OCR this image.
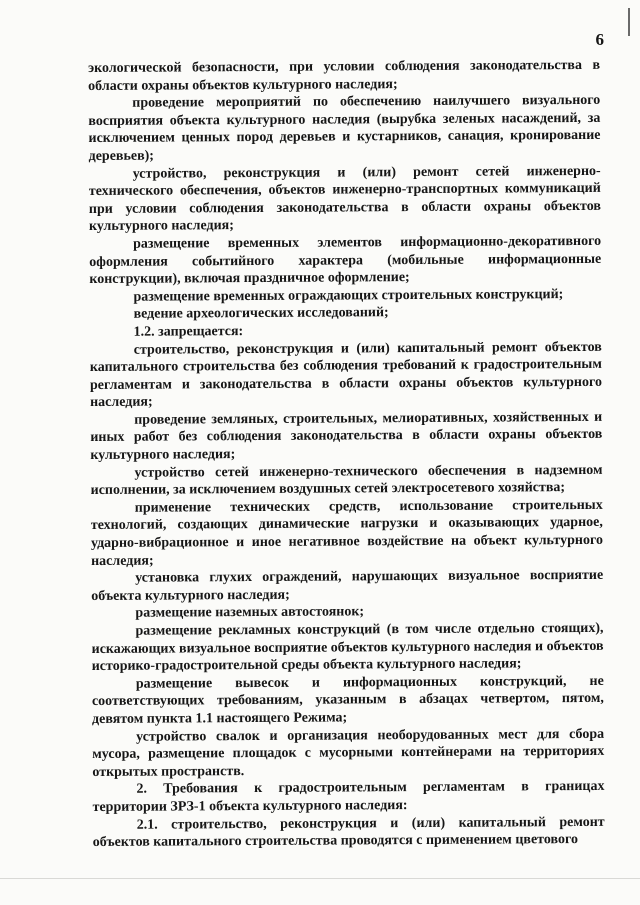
6

экологической безопасности, при условии соблюдения законодательства в области охраны объектов культурного наследия;

проведение мероприятий по обеспечению наилучшего визуального восприятия объекта культурного наследия (вырубка зеленых насаждений, за исключением ценных пород деревьев и кустарников, санация, кронирование деревьев);

устройство, реконструкция и (или) ремонт сетей инженерно-технического обеспечения, объектов инженерно-транспортных коммуникаций при условии соблюдения законодательства в области охраны объектов культурного наследия;

размещение временных элементов информационно-декоративного оформления событийного характера (мобильные информационные конструкции), включая праздничное оформление;

размещение временных ограждающих строительных конструкций;

ведение археологических исследований;

1.2. запрещается:

строительство, реконструкция и (или) капитальный ремонт объектов капитального строительства без соблюдения требований к градостроительным регламентам и законодательства в области охраны объектов культурного наследия;

проведение земляных, строительных, мелиоративных, хозяйственных и иных работ без соблюдения законодательства в области охраны объектов культурного наследия;

устройство сетей инженерно-технического обеспечения в надземном исполнении, за исключением воздушных сетей электросетевого хозяйства;

применение технических средств, использование строительных технологий, создающих динамические нагрузки и оказывающих ударное, ударно-вибрационное и иное негативное воздействие на объект культурного наследия;

установка глухих ограждений, нарушающих визуальное восприятие объекта культурного наследия;

размещение наземных автостоянок;

размещение рекламных конструкций (в том числе отдельно стоящих), искажающих визуальное восприятие объектов культурного наследия и объектов историко-градостроительной среды объекта культурного наследия;

размещение вывесок и информационных конструкций, не соответствующих требованиям, указанным в абзацах четвертом, пятом, девятом пункта 1.1 настоящего Режима;

устройство свалок и организация необорудованных мест для сбора мусора, размещение площадок с мусорными контейнерами на территориях открытых пространств.

2. Требования к градостроительным регламентам в границах территории ЗРЗ-1 объекта культурного наследия:

2.1. строительство, реконструкция и (или) капитальный ремонт объектов капитального строительства проводятся с применением цветового
